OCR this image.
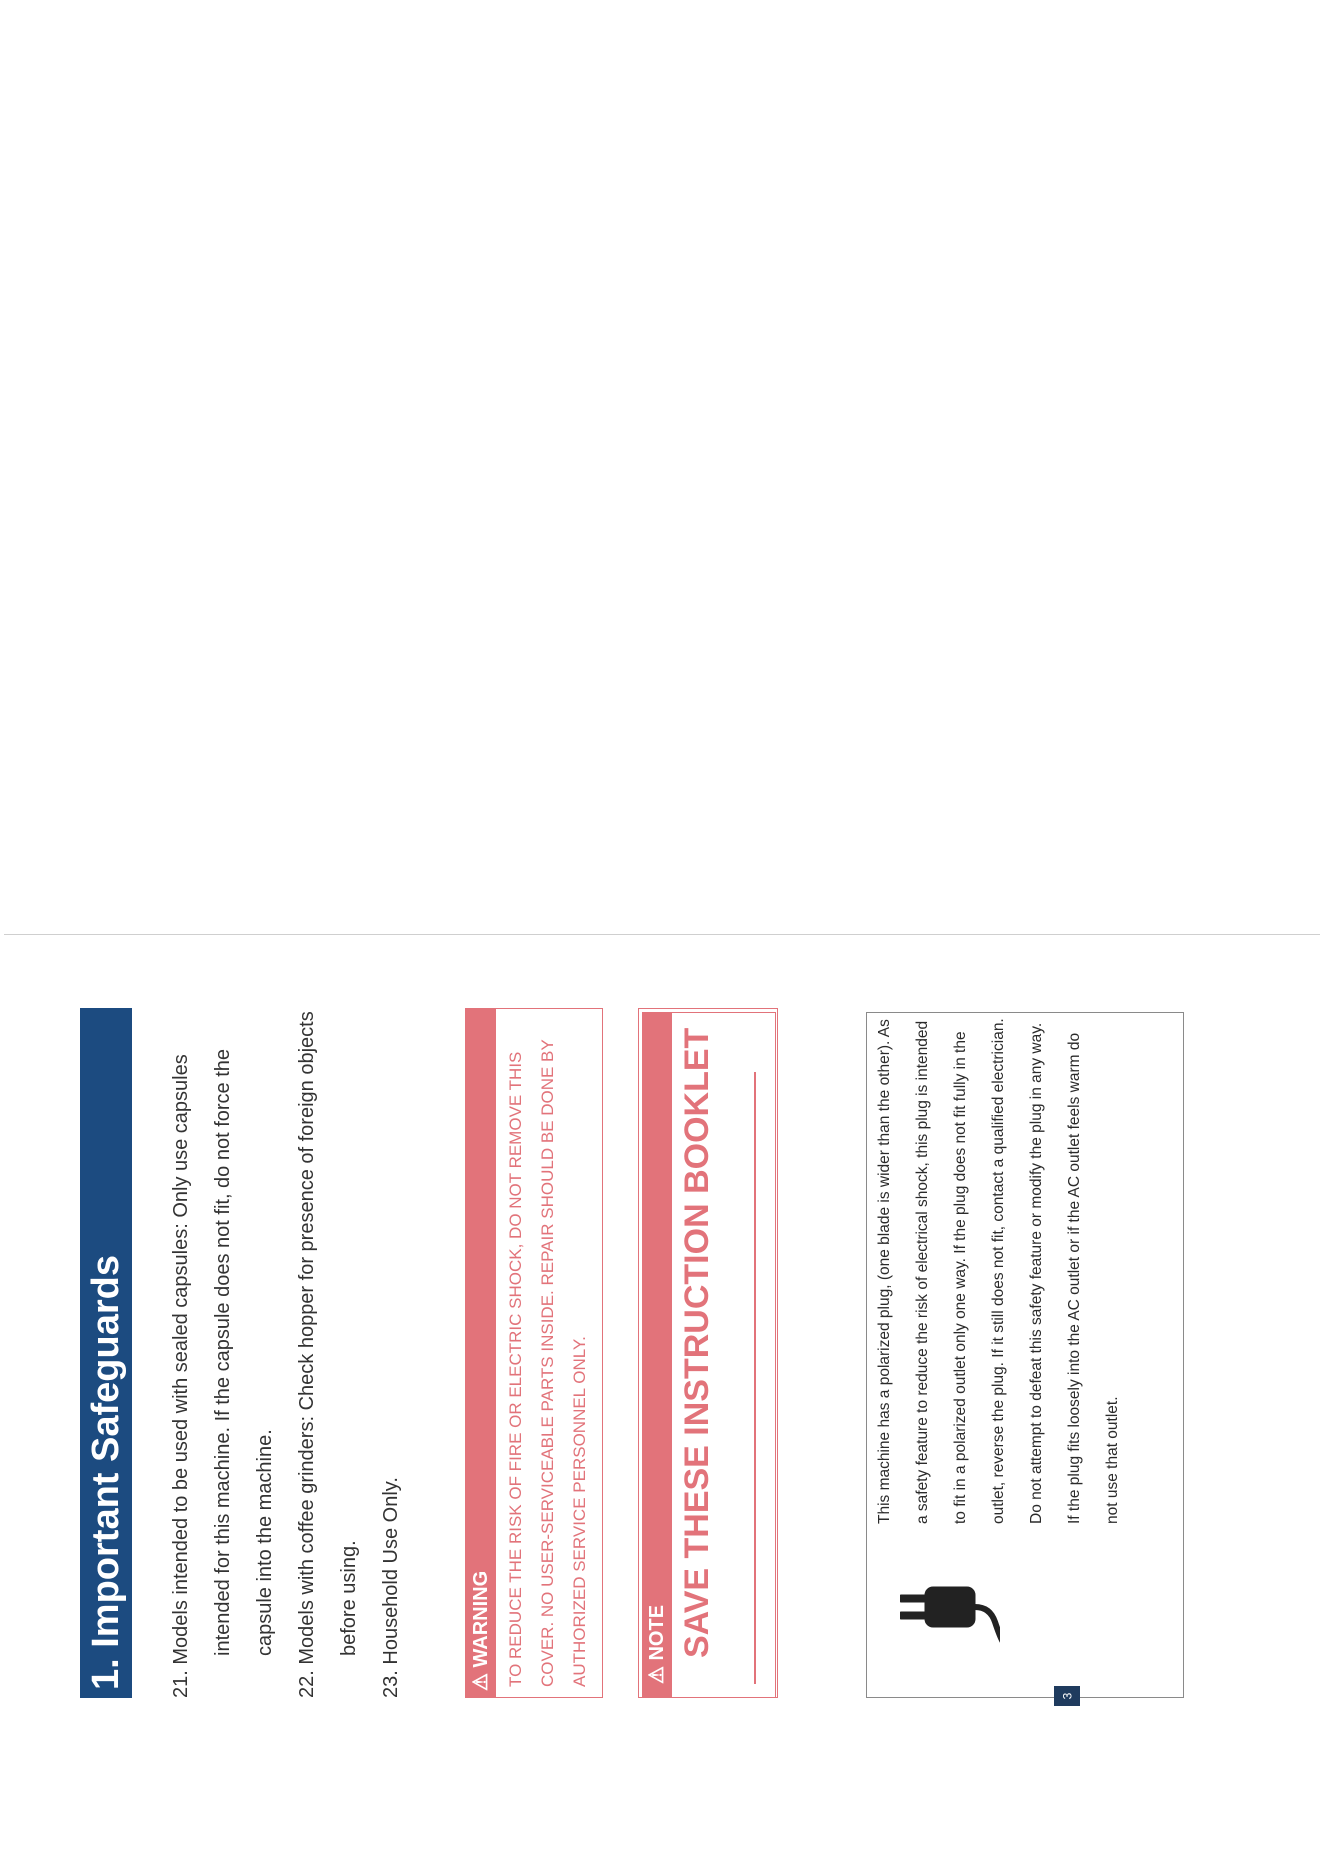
1. Important Safeguards	21. Models intended to be used with sealed capsules: Only use capsules intended for this machine. If the capsule does not fit, do not force the capsule into the machine.

22. Models with coffee grinders: Check hopper for presence of foreign objects before using.

23. Household Use Only.	⚠ WARNING TO REDUCE THE RISK OF FIRE OR ELECTRIC SHOCK, DO NOT REMOVE THIS COVER. NO USER-SERVICEABLE PARTS INSIDE. REPAIR SHOULD BE DONE BY AUTHORIZED SERVICE PERSONNEL ONLY.	⚠ NOTE SAVE THESE INSTRUCTION BOOKLET	This machine has a polarized plug, (one blade is wider than the other). As a safety feature to reduce the risk of electrical shock, this plug is intended to fit in a polarized outlet only one way. If the plug does not fit fully in the outlet, reverse the plug. If it still does not fit, contact a qualified electrician. Do not attempt to defeat this safety feature or modify the plug in any way. If the plug fits loosely into the AC outlet or if the AC outlet feels warm do not use that outlet.
3
